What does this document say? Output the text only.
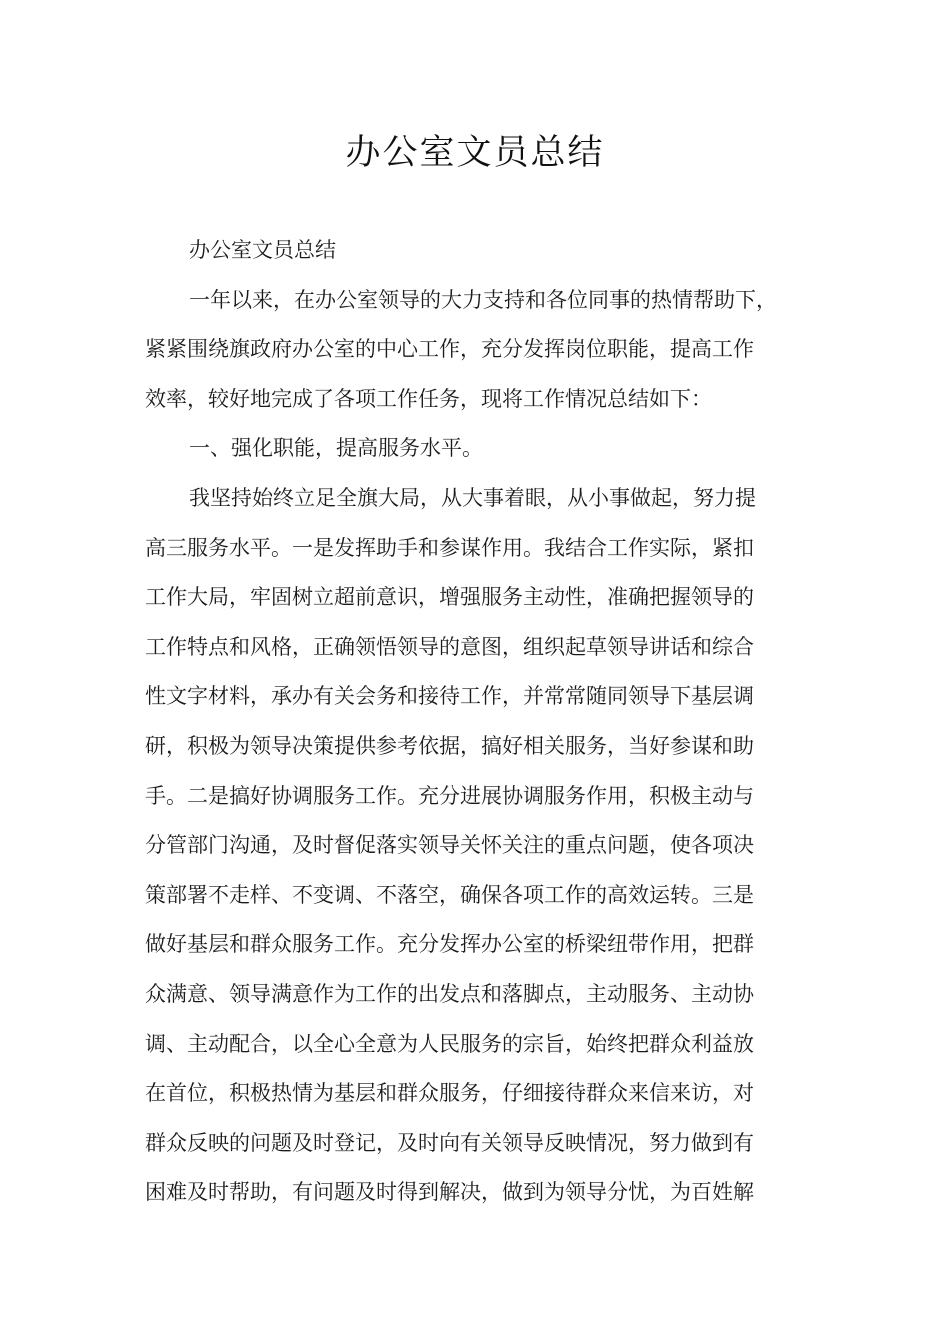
办公室文员总结

办公室文员总结

一年以来，在办公室领导的大力支持和各位同事的热情帮助下，
紧紧围绕旗政府办公室的中心工作，充分发挥岗位职能，提高工作
效率，较好地完成了各项工作任务，现将工作情况总结如下：

一、强化职能，提高服务水平。

我坚持始终立足全旗大局，从大事着眼，从小事做起，努力提
高三服务水平。一是发挥助手和参谋作用。我结合工作实际，紧扣
工作大局，牢固树立超前意识，增强服务主动性，准确把握领导的
工作特点和风格，正确领悟领导的意图，组织起草领导讲话和综合
性文字材料，承办有关会务和接待工作，并常常随同领导下基层调
研，积极为领导决策提供参考依据，搞好相关服务，当好参谋和助
手。二是搞好协调服务工作。充分进展协调服务作用，积极主动与
分管部门沟通，及时督促落实领导关怀关注的重点问题，使各项决
策部署不走样、不变调、不落空，确保各项工作的高效运转。三是
做好基层和群众服务工作。充分发挥办公室的桥梁纽带作用，把群
众满意、领导满意作为工作的出发点和落脚点，主动服务、主动协
调、主动配合，以全心全意为人民服务的宗旨，始终把群众利益放
在首位，积极热情为基层和群众服务，仔细接待群众来信来访，对
群众反映的问题及时登记，及时向有关领导反映情况，努力做到有
困难及时帮助，有问题及时得到解决，做到为领导分忧，为百姓解
